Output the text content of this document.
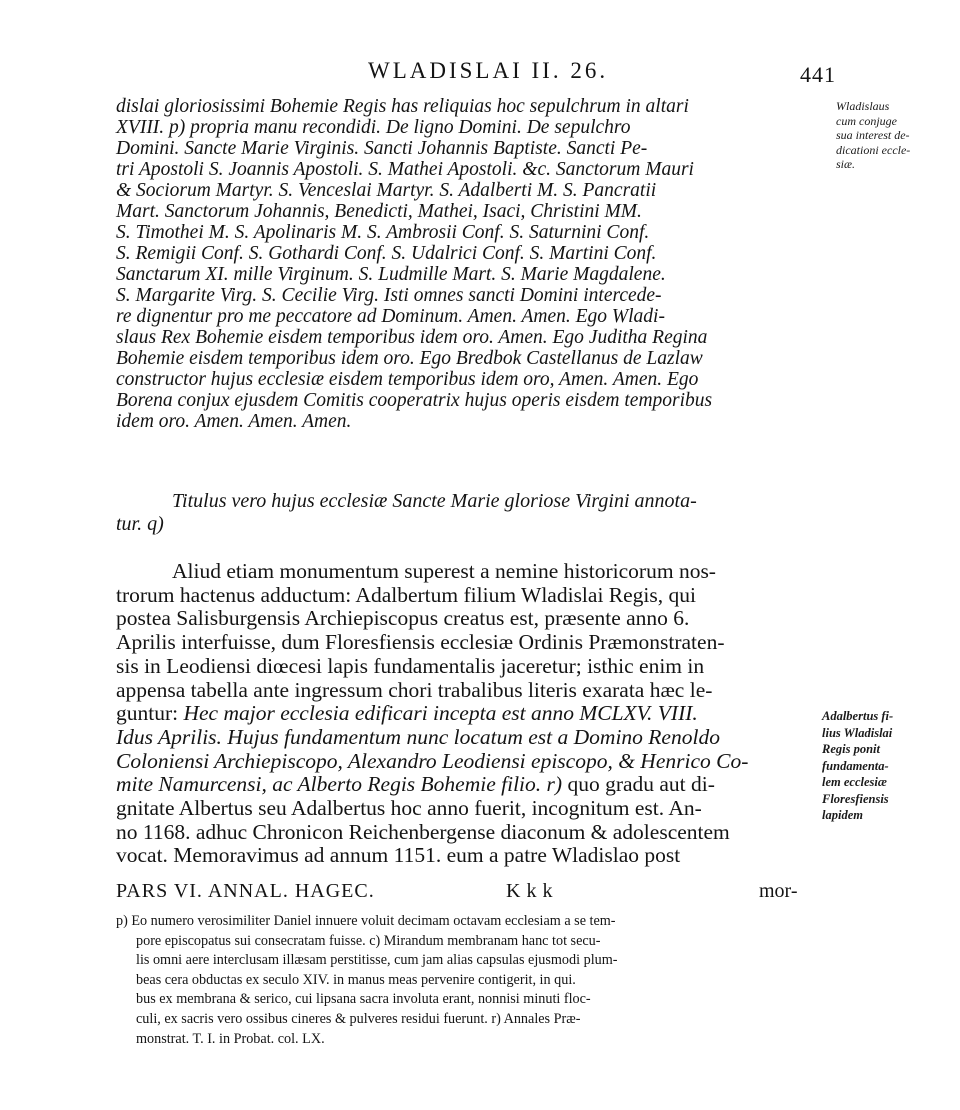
WLADISLAI II. 26.	441
dislai gloriosissimi Bohemie Regis has reliquias hoc sepulchrum in altari
XVIII. p) propria manu recondidi. De ligno Domini. De sepulchro
Domini. Sancte Marie Virginis. Sancti Johannis Baptiste. Sancti Pe-
tri Apostoli S. Joannis Apostoli. S. Mathei Apostoli. &c. Sanctorum Mauri
& Sociorum Martyr. S. Venceslai Martyr. S. Adalberti M. S. Pancratii
Mart. Sanctorum Johannis, Benedicti, Mathei, Isaci, Christini MM.
S. Timothei M. S. Apolinaris M. S. Ambrosii Conf. S. Saturnini Conf.
S. Remigii Conf. S. Gothardi Conf. S. Udalrici Conf. S. Martini Conf.
Sanctarum XI. mille Virginum. S. Ludmille Mart. S. Marie Magdalene.
S. Margarite Virg. S. Cecilie Virg. Isti omnes sancti Domini intercede-
re dignentur pro me peccatore ad Dominum. Amen. Amen. Ego Wladi-
slaus Rex Bohemie eisdem temporibus idem oro. Amen. Ego Juditha Regina
Bohemie eisdem temporibus idem oro. Ego Bredbok Castellanus de Lazlaw
constructor hujus ecclesiæ eisdem temporibus idem oro, Amen. Amen. Ego
Borena conjux ejusdem Comitis cooperatrix hujus operis eisdem temporibus
idem oro. Amen. Amen. Amen.
Titulus vero hujus ecclesiæ Sancte Marie gloriose Virgini annota-
tur. q)
Aliud etiam monumentum superest a nemine historicorum nos-
trorum hactenus adductum: Adalbertum filium Wladislai Regis, qui
postea Salisburgensis Archiepiscopus creatus est, præsente anno 6.
Aprilis interfuisse, dum Floresfiensis ecclesiæ Ordinis Præmonstraten-
sis in Leodiensi diœcesi lapis fundamentalis jaceretur; isthic enim in
appensa tabella ante ingressum chori trabalibus literis exarata hæc le-
guntur: Hec major ecclesia edificari incepta est anno MCLXV. VIII.
Idus Aprilis. Hujus fundamentum nunc locatum est a Domino Renoldo
Coloniensi Archiepiscopo, Alexandro Leodiensi episcopo, & Henrico Co-
mite Namurcensi, ac Alberto Regis Bohemie filio. r) quo gradu aut di-
gnitate Albertus seu Adalbertus hoc anno fuerit, incognitum est. An-
no 1168. adhuc Chronicon Reichenbergense diaconum & adolescentem
vocat. Memoravimus ad annum 1151. eum a patre Wladislao post
PARS VI. ANNAL. HAGEC.	Kkk	mor-
p) Eo numero verosimiliter Daniel innuere voluit decimam octavam ecclesiam a se tem-
pore episcopatus sui consecratam fuisse. c) Mirandum membranam hanc tot secu-
lis omni aere interclusam illæsam perstitisse, cum jam alias capsulas ejusmodi plum-
beas cera obductas ex seculo XIV. in manus meas pervenire contigerit, in qui.
bus ex membrana & serico, cui lipsana sacra involuta erant, nonnisi minuti floc-
culi, ex sacris vero ossibus cineres & pulveres residui fuerunt. r) Annales Præ-
monstrat. T. I. in Probat. col. LX.
Wladislaus
cum conjuge
sua interest de-
dicationi eccle-
siæ.
Adalbertus fi-
lius Wladislai
Regis ponit
fundamenta-
lem ecclesiæ
Floresfiensis
lapidem
